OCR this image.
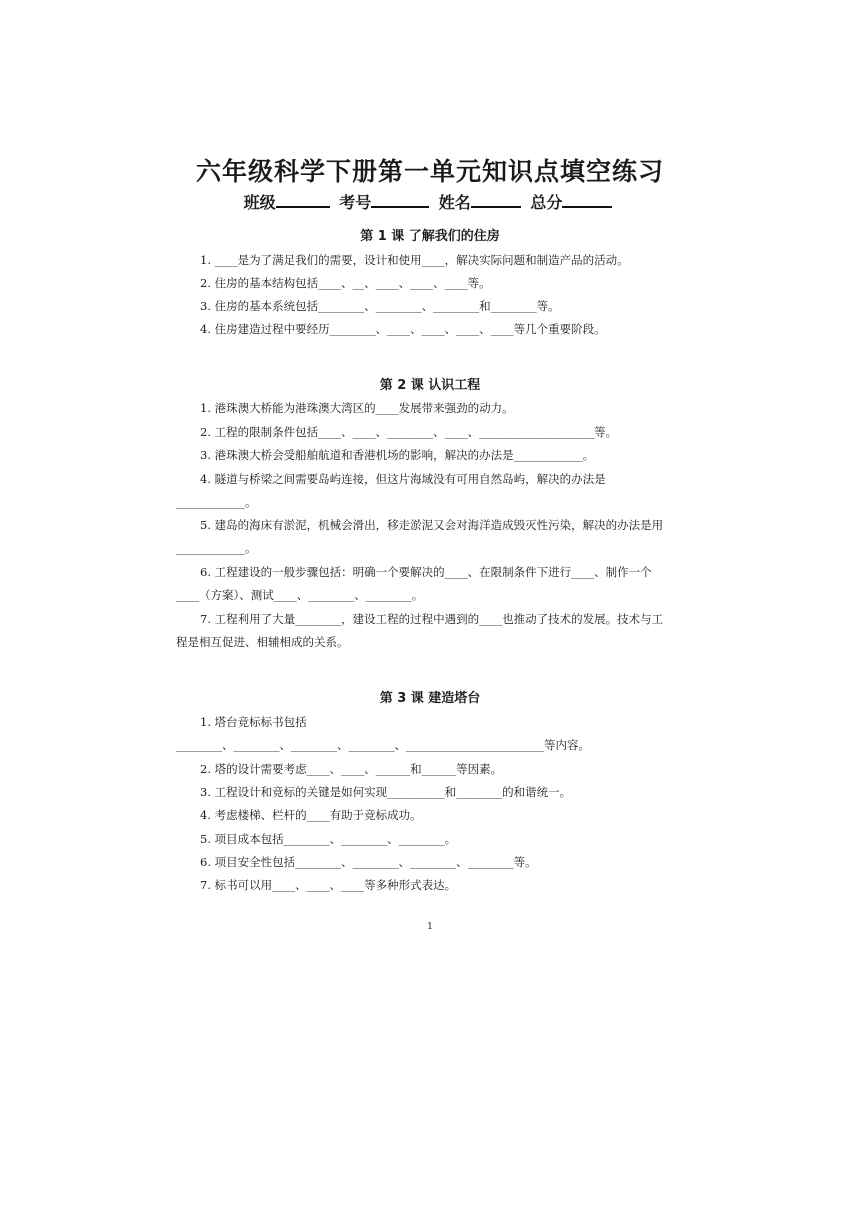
六年级科学下册第一单元知识点填空练习
班级	考号	姓名	总分
第 1 课 了解我们的住房
1. ____是为了满足我们的需要，设计和使用____，解决实际问题和制造产品的活动。
2. 住房的基本结构包括____、__、____、____、____等。
3. 住房的基本系统包括________、________、________和________等。
4. 住房建造过程中要经历________、____、____、____、____等几个重要阶段。
第 2 课 认识工程
1. 港珠澳大桥能为港珠澳大湾区的____发展带来强劲的动力。
2. 工程的限制条件包括____、____、________、____、____________________等。
3. 港珠澳大桥会受船舶航道和香港机场的影响，解决的办法是____________。
4. 隧道与桥梁之间需要岛屿连接，但这片海域没有可用自然岛屿，解决的办法是
____________。
5. 建岛的海床有淤泥，机械会滑出，移走淤泥又会对海洋造成毁灭性污染，解决的办法是用
____________。
6. 工程建设的一般步骤包括：明确一个要解决的____、在限制条件下进行____、制作一个
____（方案）、测试____、________、________。
7. 工程利用了大量________，建设工程的过程中遇到的____也推动了技术的发展。技术与工
程是相互促进、相辅相成的关系。
第 3 课 建造塔台
1. 塔台竞标标书包括
________、________、________、________、________________________等内容。
2. 塔的设计需要考虑____、____、______和______等因素。
3. 工程设计和竞标的关键是如何实现__________和________的和谐统一。
4. 考虑楼梯、栏杆的____有助于竞标成功。
5. 项目成本包括________、________、________。
6. 项目安全性包括________、________、________、________等。
7. 标书可以用____、____、____等多种形式表达。
1
